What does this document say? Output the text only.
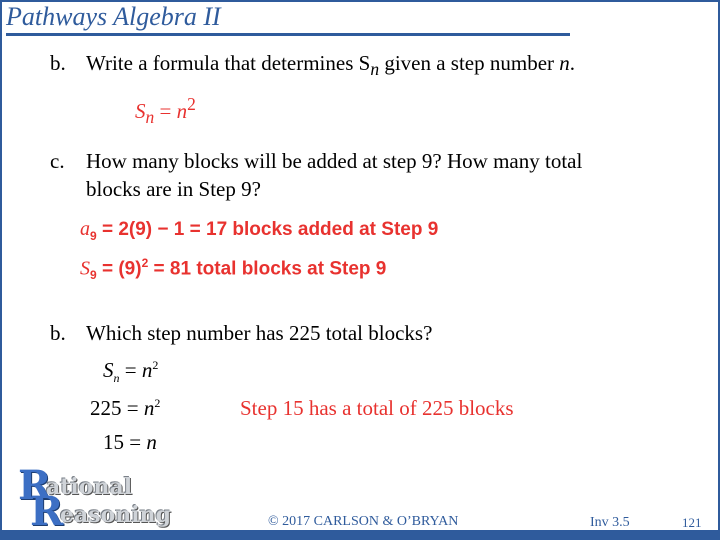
Pathways Algebra II
b. Write a formula that determines $S_n$ given a step number n.
$S_n = n^2$
c. How many blocks will be added at step 9? How many total
blocks are in Step 9?
$a_9 = 2(9) - 1 = 17$ blocks added at Step 9
$S_9 = (9)^2 = 81$ total blocks at Step 9
b. Which step number has 225 total blocks?
$S_n = n^2$
$225 = n^2$
15 = n
Step 15 has a total of 225 blocks
R
ational
R
easoning	© 2017 CARLSON & O’BRYAN	Inv 3.5	121
